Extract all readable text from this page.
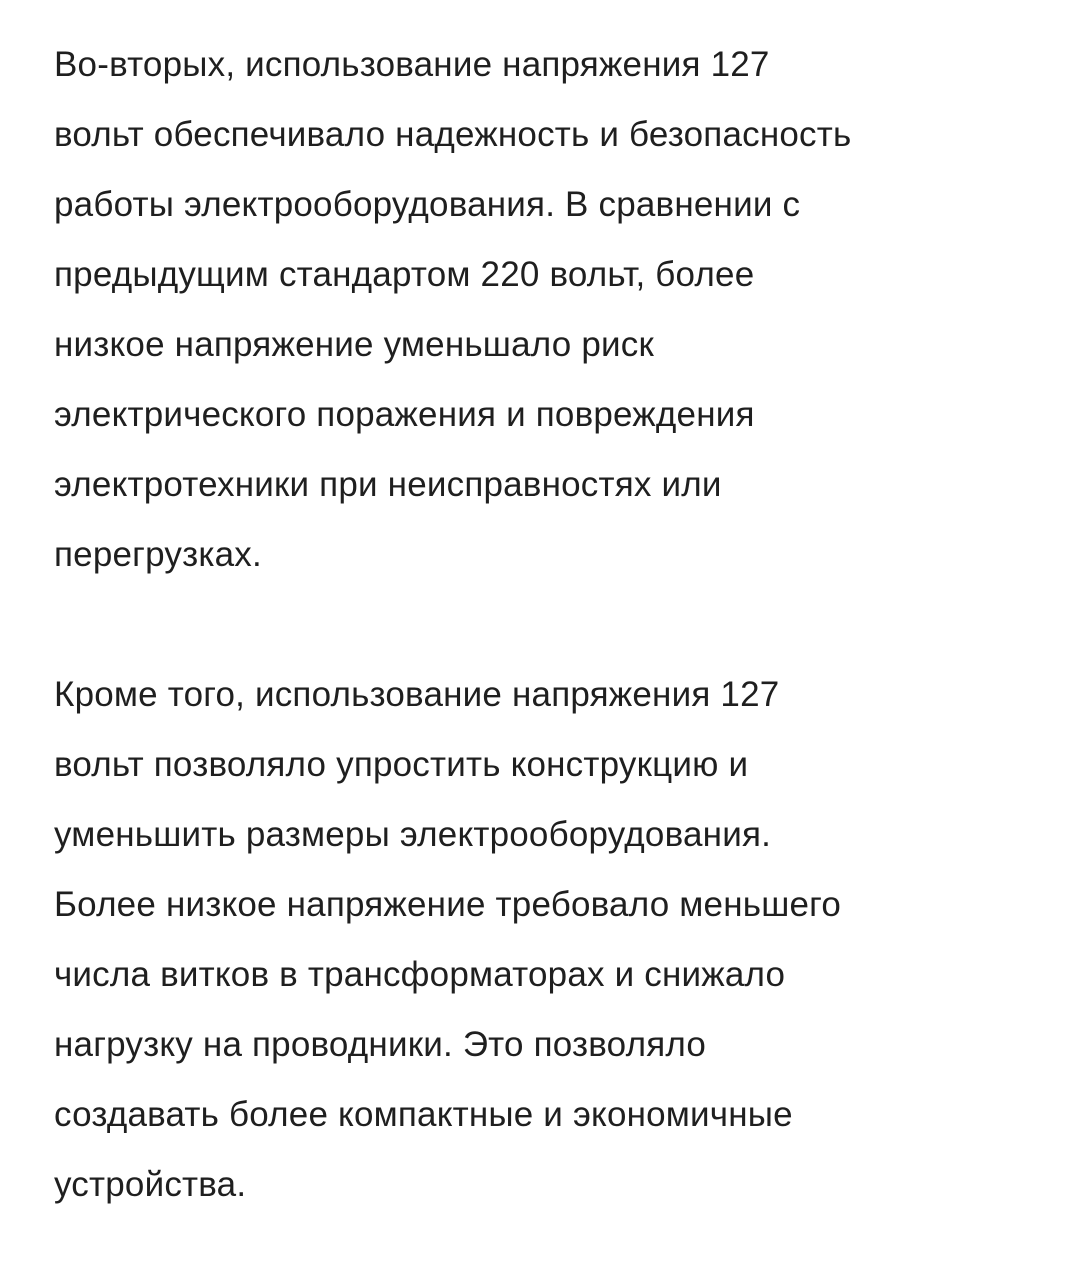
Во-вторых, использование напряжения 127
вольт обеспечивало надежность и безопасность
работы электрооборудования. В сравнении с
предыдущим стандартом 220 вольт, более
низкое напряжение уменьшало риск
электрического поражения и повреждения
электротехники при неисправностях или
перегрузках.

Кроме того, использование напряжения 127
вольт позволяло упростить конструкцию и
уменьшить размеры электрооборудования.
Более низкое напряжение требовало меньшего
числа витков в трансформаторах и снижало
нагрузку на проводники. Это позволяло
создавать более компактные и экономичные
устройства.
